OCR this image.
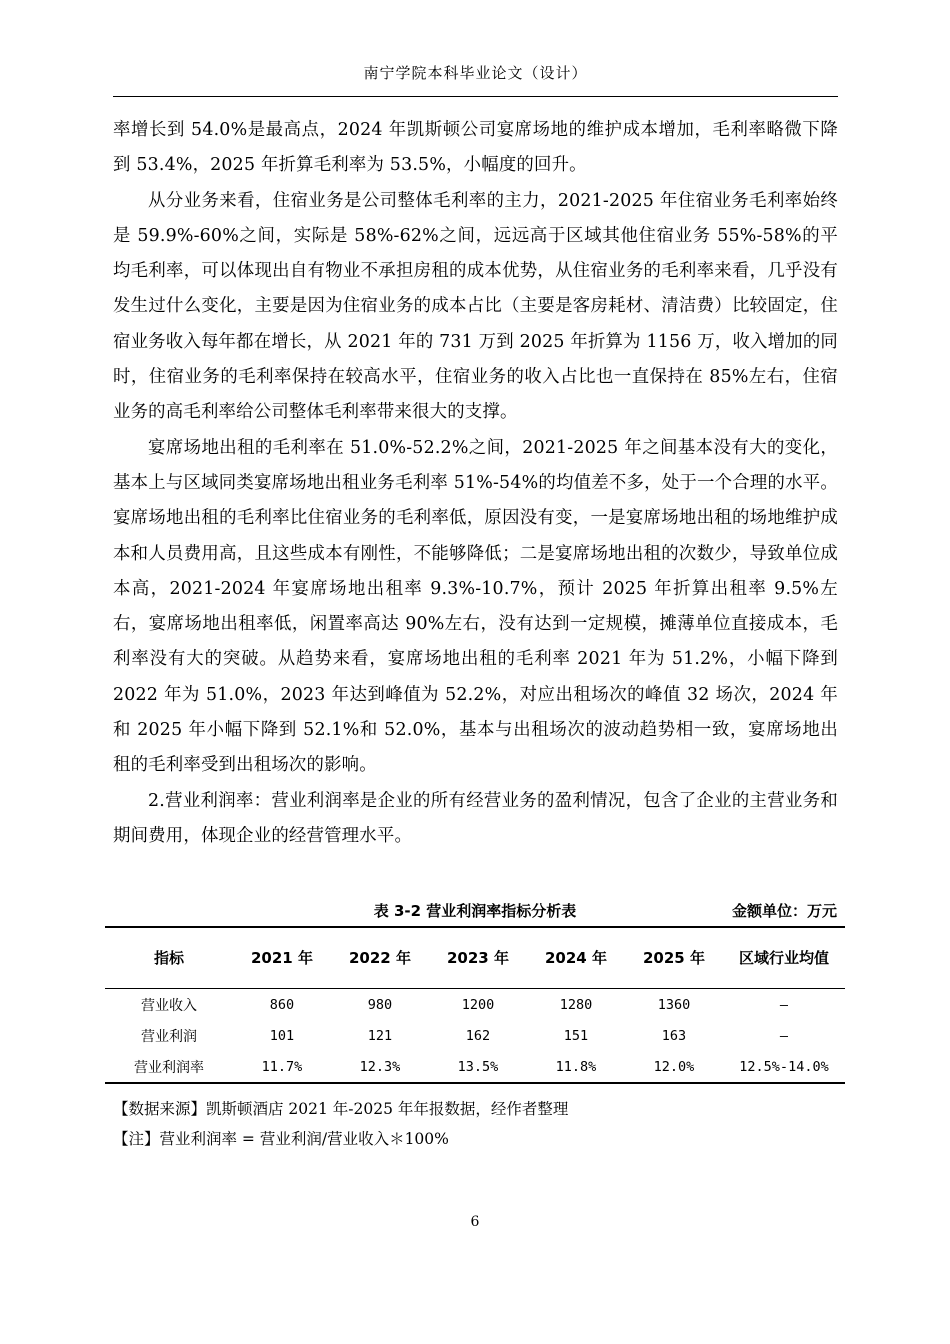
南宁学院本科毕业论文（设计）

率增长到 54.0%是最高点，2024 年凯斯顿公司宴席场地的维护成本增加，毛利率略微下降到 53.4%，2025 年折算毛利率为 53.5%，小幅度的回升。

从分业务来看，住宿业务是公司整体毛利率的主力，2021-2025 年住宿业务毛利率始终是 59.9%-60%之间，实际是 58%-62%之间，远远高于区域其他住宿业务 55%-58%的平均毛利率，可以体现出自有物业不承担房租的成本优势，从住宿业务的毛利率来看，几乎没有发生过什么变化，主要是因为住宿业务的成本占比（主要是客房耗材、清洁费）比较固定，住宿业务收入每年都在增长，从 2021 年的 731 万到 2025 年折算为 1156 万，收入增加的同时，住宿业务的毛利率保持在较高水平，住宿业务的收入占比也一直保持在 85%左右，住宿业务的高毛利率给公司整体毛利率带来很大的支撑。

宴席场地出租的毛利率在 51.0%-52.2%之间，2021-2025 年之间基本没有大的变化，基本上与区域同类宴席场地出租业务毛利率 51%-54%的均值差不多，处于一个合理的水平。宴席场地出租的毛利率比住宿业务的毛利率低，原因没有变，一是宴席场地出租的场地维护成本和人员费用高，且这些成本有刚性，不能够降低；二是宴席场地出租的次数少，导致单位成本高，2021-2024 年宴席场地出租率 9.3%-10.7%，预计 2025 年折算出租率 9.5%左右，宴席场地出租率低，闲置率高达 90%左右，没有达到一定规模，摊薄单位直接成本，毛利率没有大的突破。从趋势来看，宴席场地出租的毛利率 2021 年为 51.2%，小幅下降到 2022 年为 51.0%，2023 年达到峰值为 52.2%，对应出租场次的峰值 32 场次，2024 年和 2025 年小幅下降到 52.1%和 52.0%，基本与出租场次的波动趋势相一致，宴席场地出租的毛利率受到出租场次的影响。

2.营业利润率：营业利润率是企业的所有经营业务的盈利情况，包含了企业的主营业务和期间费用，体现企业的经营管理水平。

表 3-2 营业利润率指标分析表	金额单位：万元
指标	2021 年	2022 年	2023 年	2024 年	2025 年	区域行业均值
营业收入	860	980	1200	1280	1360	–
营业利润	101	121	162	151	163	–
营业利润率	11.7%	12.3%	13.5%	11.8%	12.0%	12.5%-14.0%
【数据来源】凯斯顿酒店 2021 年-2025 年年报数据，经作者整理
【注】营业利润率 = 营业利润/营业收入＊100%
6
